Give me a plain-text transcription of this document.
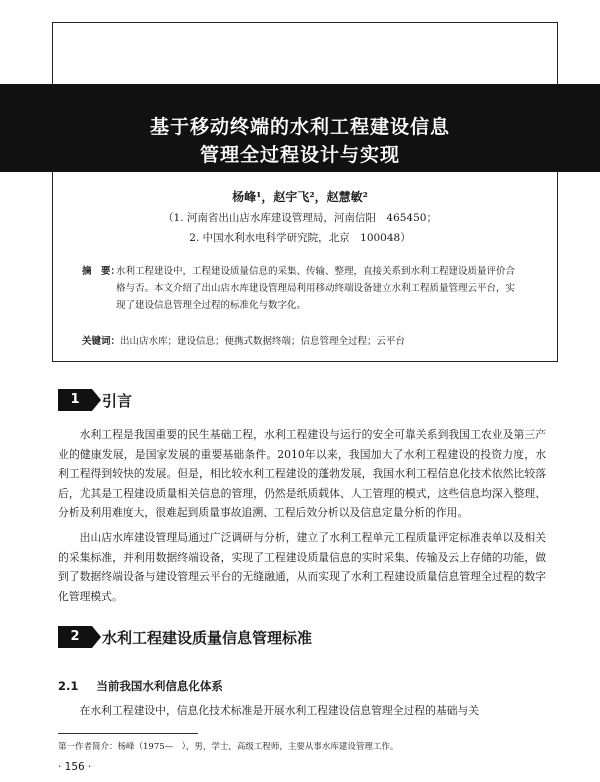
基于移动终端的水利工程建设信息
管理全过程设计与实现
杨峰¹，赵宇飞²，赵慧敏²
（1. 河南省出山店水库建设管理局，河南信阳　465450；
2. 中国水利水电科学研究院，北京　100048）
摘　要：
水利工程建设中，工程建设质量信息的采集、传输、整理，直接关系到水利工程建设质量评价合格与否。本文介绍了出山店水库建设管理局利用移动终端设备建立水利工程质量管理云平台，实现了建设信息管理全过程的标准化与数字化。
关键词：出山店水库；建设信息；便携式数据终端；信息管理全过程；云平台
1	引言
水利工程是我国重要的民生基础工程，水利工程建设与运行的安全可靠关系到我国工农业及第三产业的健康发展，是国家发展的重要基础条件。2010年以来，我国加大了水利工程建设的投资力度，水利工程得到较快的发展。但是，相比较水利工程建设的蓬勃发展，我国水利工程信息化技术依然比较落后，尤其是工程建设质量相关信息的管理，仍然是纸质载体、人工管理的模式，这些信息均深入整理、分析及利用难度大，很难起到质量事故追溯、工程后效分析以及信息定量分析的作用。
出山店水库建设管理局通过广泛调研与分析，建立了水利工程单元工程质量评定标准表单以及相关的采集标准，并利用数据终端设备，实现了工程建设质量信息的实时采集、传输及云上存储的功能，做到了数据终端设备与建设管理云平台的无缝融通，从而实现了水利工程建设质量信息管理全过程的数字化管理模式。
2	水利工程建设质量信息管理标准
2.1 当前我国水利信息化体系
在水利工程建设中，信息化技术标准是开展水利工程建设信息管理全过程的基础与关
第一作者简介：杨峰（1975—　），男，学士，高级工程师，主要从事水库建设管理工作。
· 156 ·
